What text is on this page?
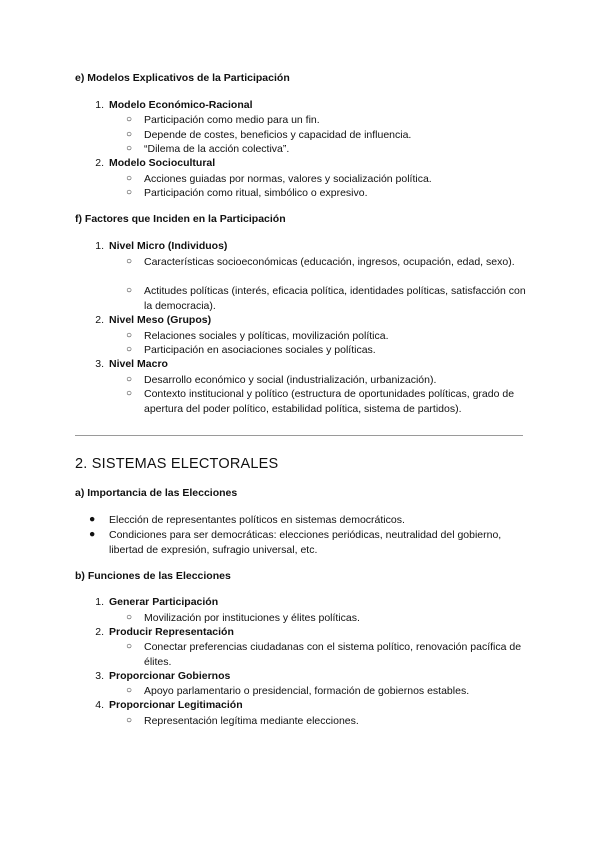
e) Modelos Explicativos de la Participación
1. Modelo Económico-Racional
○ Participación como medio para un fin.
○ Depende de costes, beneficios y capacidad de influencia.
○ “Dilema de la acción colectiva”.
2. Modelo Sociocultural
○ Acciones guiadas por normas, valores y socialización política.
○ Participación como ritual, simbólico o expresivo.
f) Factores que Inciden en la Participación
1. Nivel Micro (Individuos)
○ Características socioeconómicas (educación, ingresos, ocupación, edad, sexo).
○ Actitudes políticas (interés, eficacia política, identidades políticas, satisfacción con la democracia).
2. Nivel Meso (Grupos)
○ Relaciones sociales y políticas, movilización política.
○ Participación en asociaciones sociales y políticas.
3. Nivel Macro
○ Desarrollo económico y social (industrialización, urbanización).
○ Contexto institucional y político (estructura de oportunidades políticas, grado de apertura del poder político, estabilidad política, sistema de partidos).
2. SISTEMAS ELECTORALES
a) Importancia de las Elecciones
● Elección de representantes políticos en sistemas democráticos.
● Condiciones para ser democráticas: elecciones periódicas, neutralidad del gobierno, libertad de expresión, sufragio universal, etc.
b) Funciones de las Elecciones
1. Generar Participación
○ Movilización por instituciones y élites políticas.
2. Producir Representación
○ Conectar preferencias ciudadanas con el sistema político, renovación pacífica de élites.
3. Proporcionar Gobiernos
○ Apoyo parlamentario o presidencial, formación de gobiernos estables.
4. Proporcionar Legitimación
○ Representación legítima mediante elecciones.
